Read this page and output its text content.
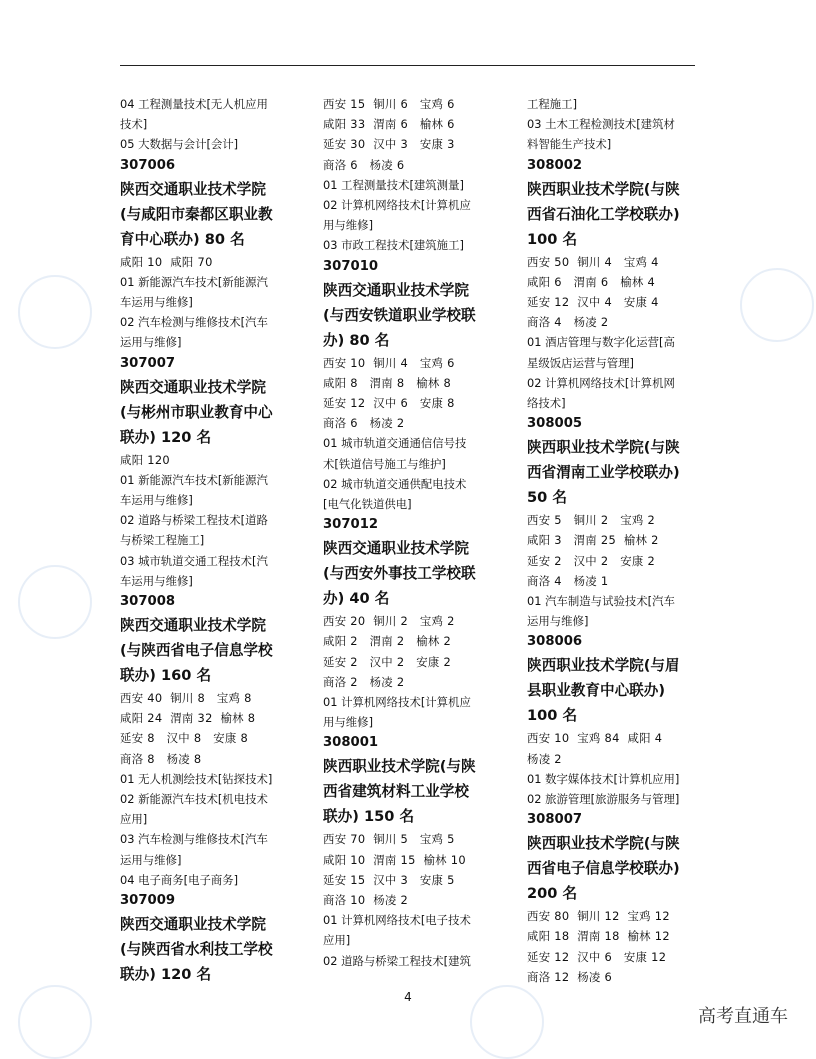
04 工程测量技术[无人机应用
技术]
05 大数据与会计[会计]
307006
陕西交通职业技术学院
(与咸阳市秦都区职业教
育中心联办) 80 名
咸阳 10  咸阳 70
01 新能源汽车技术[新能源汽
车运用与维修]
02 汽车检测与维修技术[汽车
运用与维修]
307007
陕西交通职业技术学院
(与彬州市职业教育中心
联办) 120 名
咸阳 120
01 新能源汽车技术[新能源汽
车运用与维修]
02 道路与桥梁工程技术[道路
与桥梁工程施工]
03 城市轨道交通工程技术[汽
车运用与维修]
307008
陕西交通职业技术学院
(与陕西省电子信息学校
联办) 160 名
西安 40  铜川 8   宝鸡 8
咸阳 24  渭南 32  榆林 8
延安 8   汉中 8   安康 8
商洛 8   杨凌 8
01 无人机测绘技术[钻探技术]
02 新能源汽车技术[机电技术
应用]
03 汽车检测与维修技术[汽车
运用与维修]
04 电子商务[电子商务]
307009
陕西交通职业技术学院
(与陕西省水利技工学校
联办) 120 名
西安 15  铜川 6   宝鸡 6
咸阳 33  渭南 6   榆林 6
延安 30  汉中 3   安康 3
商洛 6   杨凌 6
01 工程测量技术[建筑测量]
02 计算机网络技术[计算机应
用与维修]
03 市政工程技术[建筑施工]
307010
陕西交通职业技术学院
(与西安铁道职业学校联
办) 80 名
西安 10  铜川 4   宝鸡 6
咸阳 8   渭南 8   榆林 8
延安 12  汉中 6   安康 8
商洛 6   杨凌 2
01 城市轨道交通通信信号技
术[铁道信号施工与维护]
02 城市轨道交通供配电技术
[电气化铁道供电]
307012
陕西交通职业技术学院
(与西安外事技工学校联
办) 40 名
西安 20  铜川 2   宝鸡 2
咸阳 2   渭南 2   榆林 2
延安 2   汉中 2   安康 2
商洛 2   杨凌 2
01 计算机网络技术[计算机应
用与维修]
308001
陕西职业技术学院(与陕
西省建筑材料工业学校
联办) 150 名
西安 70  铜川 5   宝鸡 5
咸阳 10  渭南 15  榆林 10
延安 15  汉中 3   安康 5
商洛 10  杨凌 2
01 计算机网络技术[电子技术
应用]
02 道路与桥梁工程技术[建筑
工程施工]
03 土木工程检测技术[建筑材
料智能生产技术]
308002
陕西职业技术学院(与陕
西省石油化工学校联办)
100 名
西安 50  铜川 4   宝鸡 4
咸阳 6   渭南 6   榆林 4
延安 12  汉中 4   安康 4
商洛 4   杨凌 2
01 酒店管理与数字化运营[高
星级饭店运营与管理]
02 计算机网络技术[计算机网
络技术]
308005
陕西职业技术学院(与陕
西省渭南工业学校联办)
50 名
西安 5   铜川 2   宝鸡 2
咸阳 3   渭南 25  榆林 2
延安 2   汉中 2   安康 2
商洛 4   杨凌 1
01 汽车制造与试验技术[汽车
运用与维修]
308006
陕西职业技术学院(与眉
县职业教育中心联办)
100 名
西安 10  宝鸡 84  咸阳 4
杨凌 2
01 数字媒体技术[计算机应用]
02 旅游管理[旅游服务与管理]
308007
陕西职业技术学院(与陕
西省电子信息学校联办)
200 名
西安 80  铜川 12  宝鸡 12
咸阳 18  渭南 18  榆林 12
延安 12  汉中 6   安康 12
商洛 12  杨凌 6
4
高考直通车
